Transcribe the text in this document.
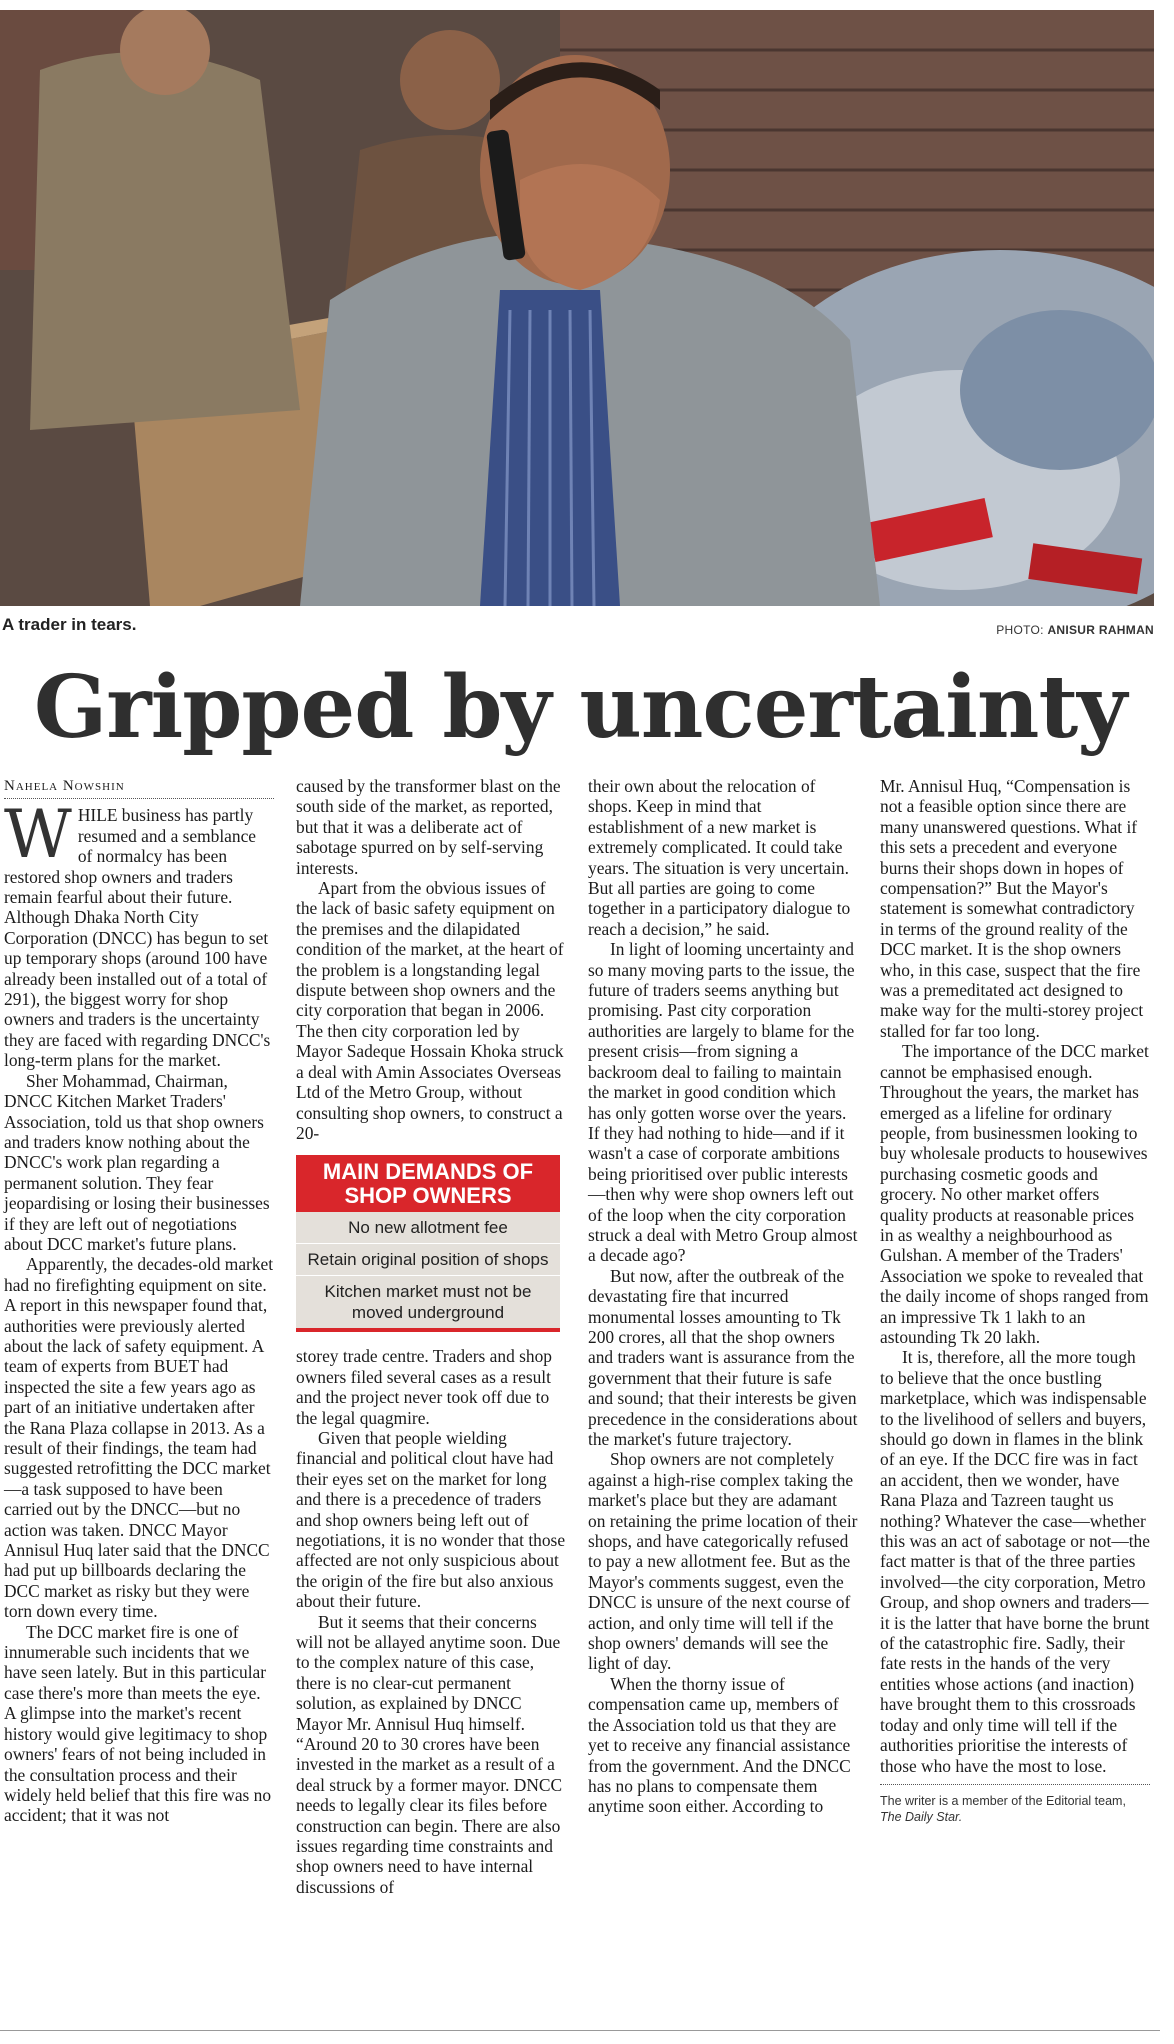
A trader in tears.	PHOTO: ANISUR RAHMAN
Gripped by uncertainty
Nahela Nowshin

WHILE business has partly resumed and a semblance of normalcy has been restored shop owners and traders remain fearful about their future. Although Dhaka North City Corporation (DNCC) has begun to set up temporary shops (around 100 have already been installed out of a total of 291), the biggest worry for shop owners and traders is the uncertainty they are faced with regarding DNCC's long-term plans for the market.

Sher Mohammad, Chairman, DNCC Kitchen Market Traders' Association, told us that shop owners and traders know nothing about the DNCC's work plan regarding a permanent solution. They fear jeopardising or losing their businesses if they are left out of negotiations about DCC market's future plans.

Apparently, the decades-old market had no firefighting equipment on site. A report in this newspaper found that, authorities were previously alerted about the lack of safety equipment. A team of experts from BUET had inspected the site a few years ago as part of an initiative undertaken after the Rana Plaza collapse in 2013. As a result of their findings, the team had suggested retrofitting the DCC market—a task supposed to have been carried out by the DNCC—but no action was taken. DNCC Mayor Annisul Huq later said that the DNCC had put up billboards declaring the DCC market as risky but they were torn down every time.

The DCC market fire is one of innumerable such incidents that we have seen lately. But in this particular case there's more than meets the eye. A glimpse into the market's recent history would give legitimacy to shop owners' fears of not being included in the consultation process and their widely held belief that this fire was no accident; that it was not

caused by the transformer blast on the south side of the market, as reported, but that it was a deliberate act of sabotage spurred on by self-serving interests.

Apart from the obvious issues of the lack of basic safety equipment on the premises and the dilapidated condition of the market, at the heart of the problem is a longstanding legal dispute between shop owners and the city corporation that began in 2006. The then city corporation led by Mayor Sadeque Hossain Khoka struck a deal with Amin Associates Overseas Ltd of the Metro Group, without consulting shop owners, to construct a 20-

MAIN DEMANDS OF SHOP OWNERS
No new allotment fee
Retain original position of shops
Kitchen market must not be moved underground

storey trade centre. Traders and shop owners filed several cases as a result and the project never took off due to the legal quagmire.

Given that people wielding financial and political clout have had their eyes set on the market for long and there is a precedence of traders and shop owners being left out of negotiations, it is no wonder that those affected are not only suspicious about the origin of the fire but also anxious about their future.

But it seems that their concerns will not be allayed anytime soon. Due to the complex nature of this case, there is no clear-cut permanent solution, as explained by DNCC Mayor Mr. Annisul Huq himself. “Around 20 to 30 crores have been invested in the market as a result of a deal struck by a former mayor. DNCC needs to legally clear its files before construction can begin. There are also issues regarding time constraints and shop owners need to have internal discussions of

their own about the relocation of shops. Keep in mind that establishment of a new market is extremely complicated. It could take years. The situation is very uncertain. But all parties are going to come together in a participatory dialogue to reach a decision,” he said.

In light of looming uncertainty and so many moving parts to the issue, the future of traders seems anything but promising. Past city corporation authorities are largely to blame for the present crisis—from signing a backroom deal to failing to maintain the market in good condition which has only gotten worse over the years. If they had nothing to hide—and if it wasn't a case of corporate ambitions being prioritised over public interests—then why were shop owners left out of the loop when the city corporation struck a deal with Metro Group almost a decade ago?

But now, after the outbreak of the devastating fire that incurred monumental losses amounting to Tk 200 crores, all that the shop owners and traders want is assurance from the government that their future is safe and sound; that their interests be given precedence in the considerations about the market's future trajectory.

Shop owners are not completely against a high-rise complex taking the market's place but they are adamant on retaining the prime location of their shops, and have categorically refused to pay a new allotment fee. But as the Mayor's comments suggest, even the DNCC is unsure of the next course of action, and only time will tell if the shop owners' demands will see the light of day.

When the thorny issue of compensation came up, members of the Association told us that they are yet to receive any financial assistance from the government. And the DNCC has no plans to compensate them anytime soon either. According to

Mr. Annisul Huq, “Compensation is not a feasible option since there are many unanswered questions. What if this sets a precedent and everyone burns their shops down in hopes of compensation?” But the Mayor's statement is somewhat contradictory in terms of the ground reality of the DCC market. It is the shop owners who, in this case, suspect that the fire was a premeditated act designed to make way for the multi-storey project stalled for far too long.

The importance of the DCC market cannot be emphasised enough. Throughout the years, the market has emerged as a lifeline for ordinary people, from businessmen looking to buy wholesale products to housewives purchasing cosmetic goods and grocery. No other market offers quality products at reasonable prices in as wealthy a neighbourhood as Gulshan. A member of the Traders' Association we spoke to revealed that the daily income of shops ranged from an impressive Tk 1 lakh to an astounding Tk 20 lakh.

It is, therefore, all the more tough to believe that the once bustling marketplace, which was indispensable to the livelihood of sellers and buyers, should go down in flames in the blink of an eye. If the DCC fire was in fact an accident, then we wonder, have Rana Plaza and Tazreen taught us nothing? Whatever the case—whether this was an act of sabotage or not—the fact matter is that of the three parties involved—the city corporation, Metro Group, and shop owners and traders—it is the latter that have borne the brunt of the catastrophic fire. Sadly, their fate rests in the hands of the very entities whose actions (and inaction) have brought them to this crossroads today and only time will tell if the authorities prioritise the interests of those who have the most to lose.

The writer is a member of the Editorial team, The Daily Star.
